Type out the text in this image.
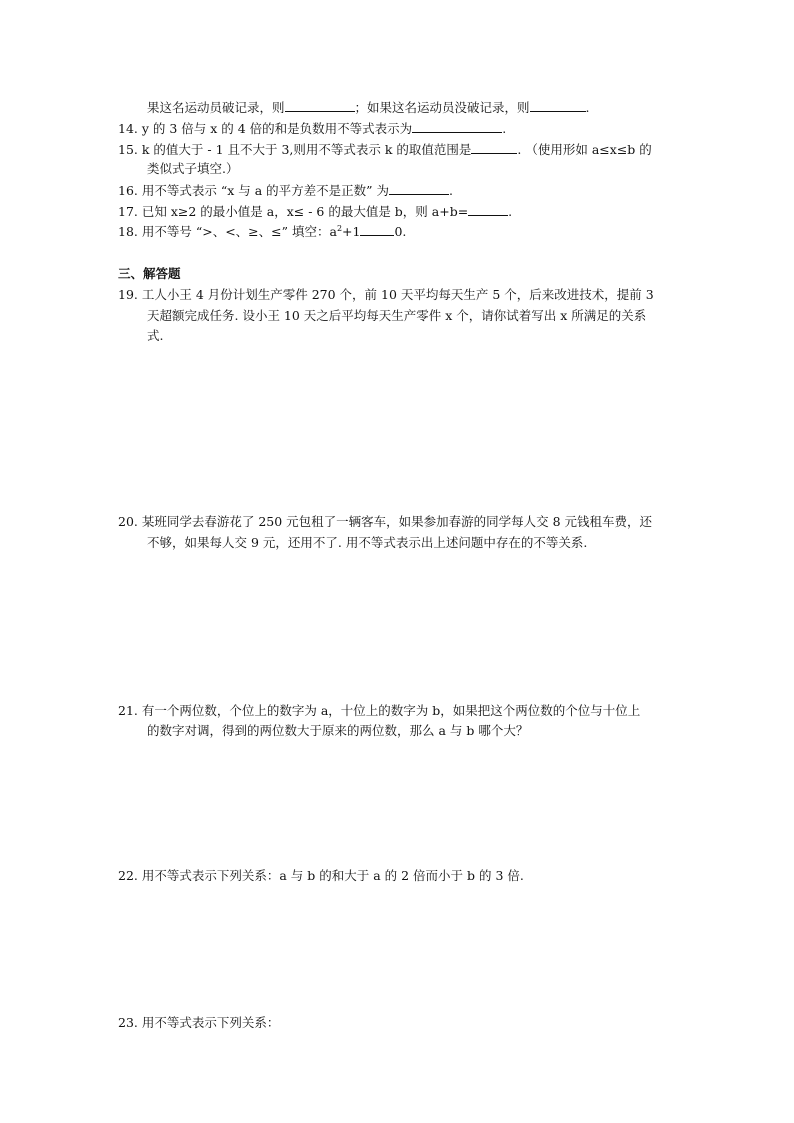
果这名运动员破记录，则	；如果这名运动员没破记录，则	.
14. y 的 3 倍与 x 的 4 倍的和是负数用不等式表示为	.
15. k 的值大于 - 1 且不大于 3,则用不等式表示 k 的取值范围是	. （使用形如 a≤x≤b 的
类似式子填空.）
16. 用不等式表示 “x 与 a 的平方差不是正数” 为	.
17. 已知 x≥2 的最小值是 a，x≤ - 6 的最大值是 b，则 a+b=	.
18. 用不等号 “>、<、≥、≤” 填空：$a^2+1$	0.
三、解答题
19. 工人小王 4 月份计划生产零件 270 个，前 10 天平均每天生产 5 个，后来改进技术，提前 3
天超额完成任务. 设小王 10 天之后平均每天生产零件 x 个，请你试着写出 x 所满足的关系
式.
20. 某班同学去春游花了 250 元包租了一辆客车，如果参加春游的同学每人交 8 元钱租车费，还
不够，如果每人交 9 元，还用不了. 用不等式表示出上述问题中存在的不等关系.
21. 有一个两位数，个位上的数字为 a，十位上的数字为 b，如果把这个两位数的个位与十位上
的数字对调，得到的两位数大于原来的两位数，那么 a 与 b 哪个大？
22. 用不等式表示下列关系：a 与 b 的和大于 a 的 2 倍而小于 b 的 3 倍.
23. 用不等式表示下列关系：
